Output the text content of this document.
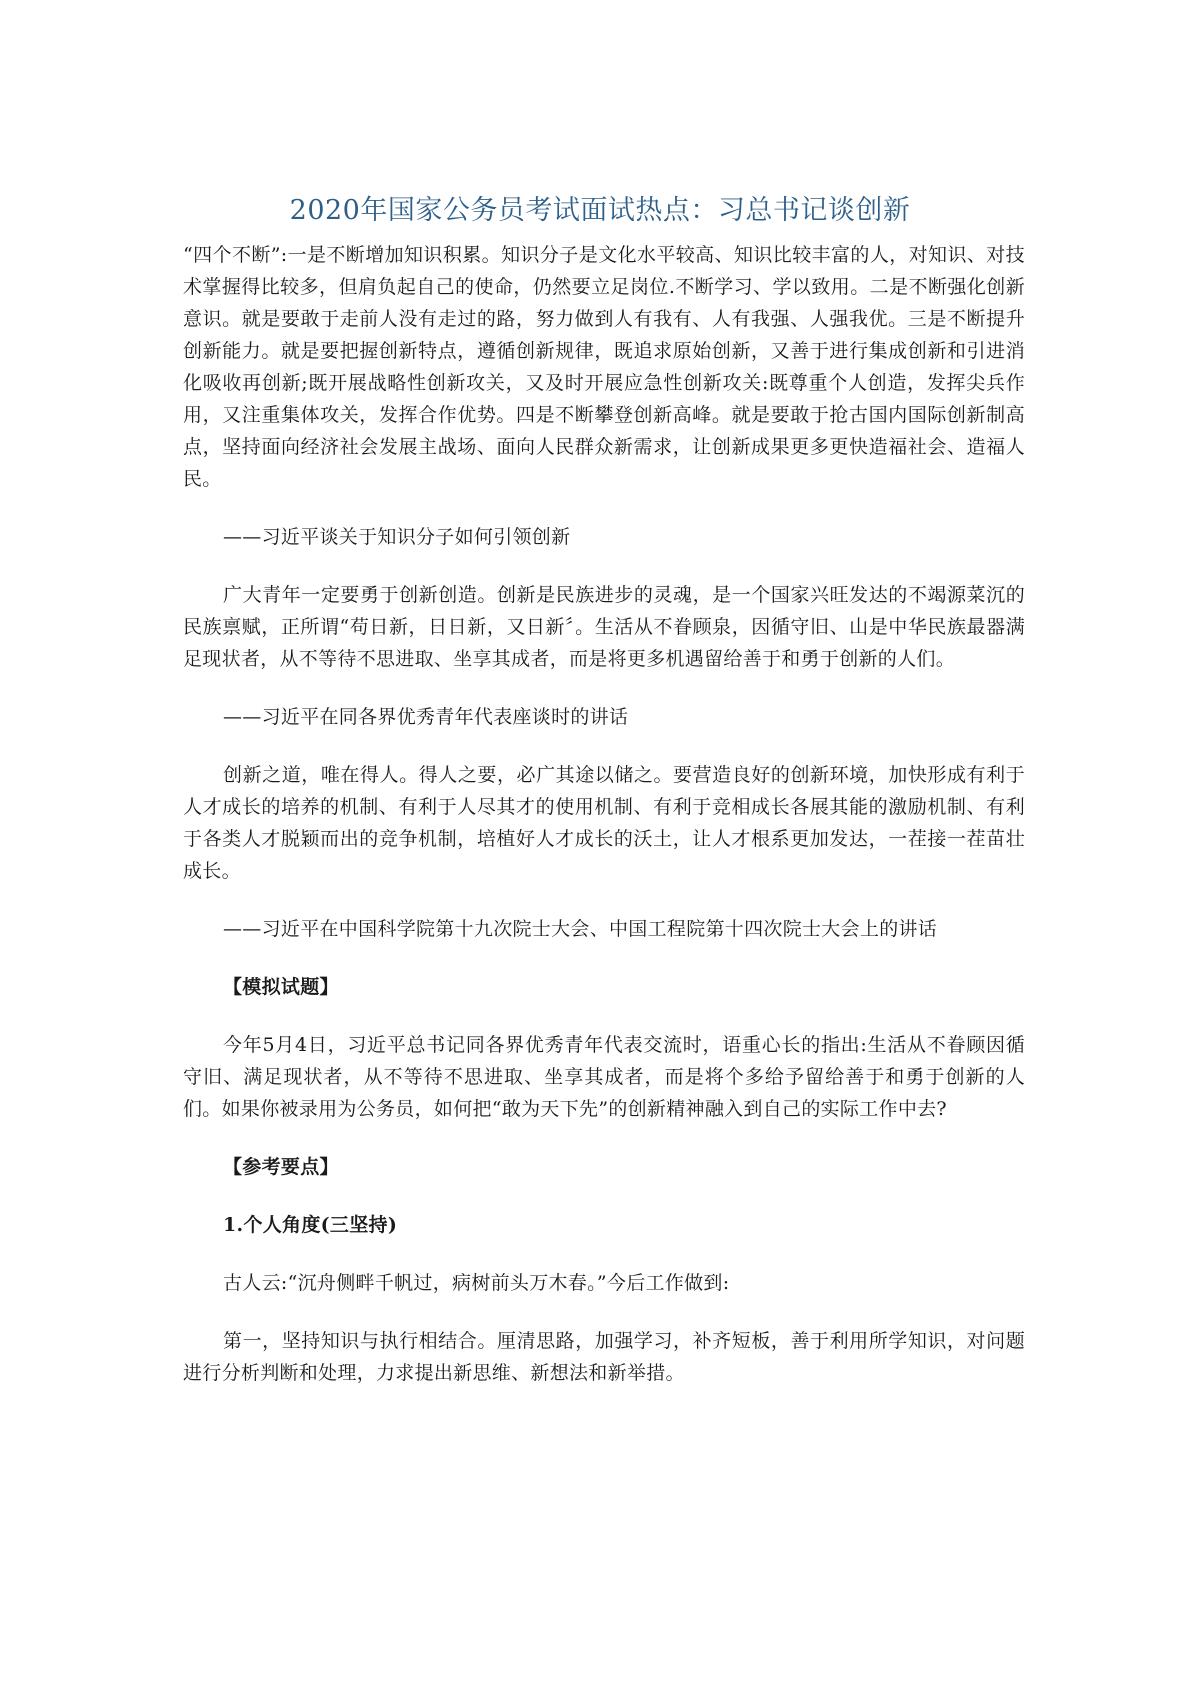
2020年国家公务员考试面试热点：习总书记谈创新

“四个不断”:一是不断增加知识积累。知识分子是文化水平较高、知识比较丰富的人，对知识、对技术掌握得比较多，但肩负起自己的使命，仍然要立足岗位.不断学习、学以致用。二是不断强化创新意识。就是要敢于走前人没有走过的路，努力做到人有我有、人有我强、人强我优。三是不断提升创新能力。就是要把握创新特点，遵循创新规律，既追求原始创新，又善于进行集成创新和引进消化吸收再创新;既开展战略性创新攻关，又及时开展应急性创新攻关:既尊重个人创造，发挥尖兵作用，又注重集体攻关，发挥合作优势。四是不断攀登创新高峰。就是要敢于抢古国内国际创新制高点，坚持面向经济社会发展主战场、面向人民群众新需求，让创新成果更多更快造福社会、造福人民。

——习近平谈关于知识分子如何引领创新

广大青年一定要勇于创新创造。创新是民族进步的灵魂，是一个国家兴旺发达的不竭源菜沉的民族禀赋，正所谓“苟日新，日日新，又日新〞。生活从不眷顾泉，因循守旧、山是中华民族最器满足现状者，从不等待不思进取、坐享其成者，而是将更多机遇留给善于和勇于创新的人们。

——习近平在同各界优秀青年代表座谈时的讲话

创新之道，唯在得人。得人之要，必广其途以储之。要营造良好的创新环境，加快形成有利于人才成长的培养的机制、有利于人尽其才的使用机制、有利于竞相成长各展其能的激励机制、有利于各类人才脱颖而出的竞争机制，培植好人才成长的沃土，让人才根系更加发达，一茬接一茬苗壮成长。

——习近平在中国科学院第十九次院士大会、中国工程院第十四次院士大会上的讲话

【模拟试题】

今年5月4日，习近平总书记同各界优秀青年代表交流时，语重心长的指出:生活从不眷顾因循守旧、满足现状者，从不等待不思进取、坐享其成者，而是将个多给予留给善于和勇于创新的人们。如果你被录用为公务员，如何把“敢为天下先”的创新精神融入到自己的实际工作中去?

【参考要点】

1.个人角度(三坚持)

古人云:“沉舟侧畔千帆过，病树前头万木春。”今后工作做到:

第一，坚持知识与执行相结合。厘清思路，加强学习，补齐短板，善于利用所学知识，对问题进行分析判断和处理，力求提出新思维、新想法和新举措。
